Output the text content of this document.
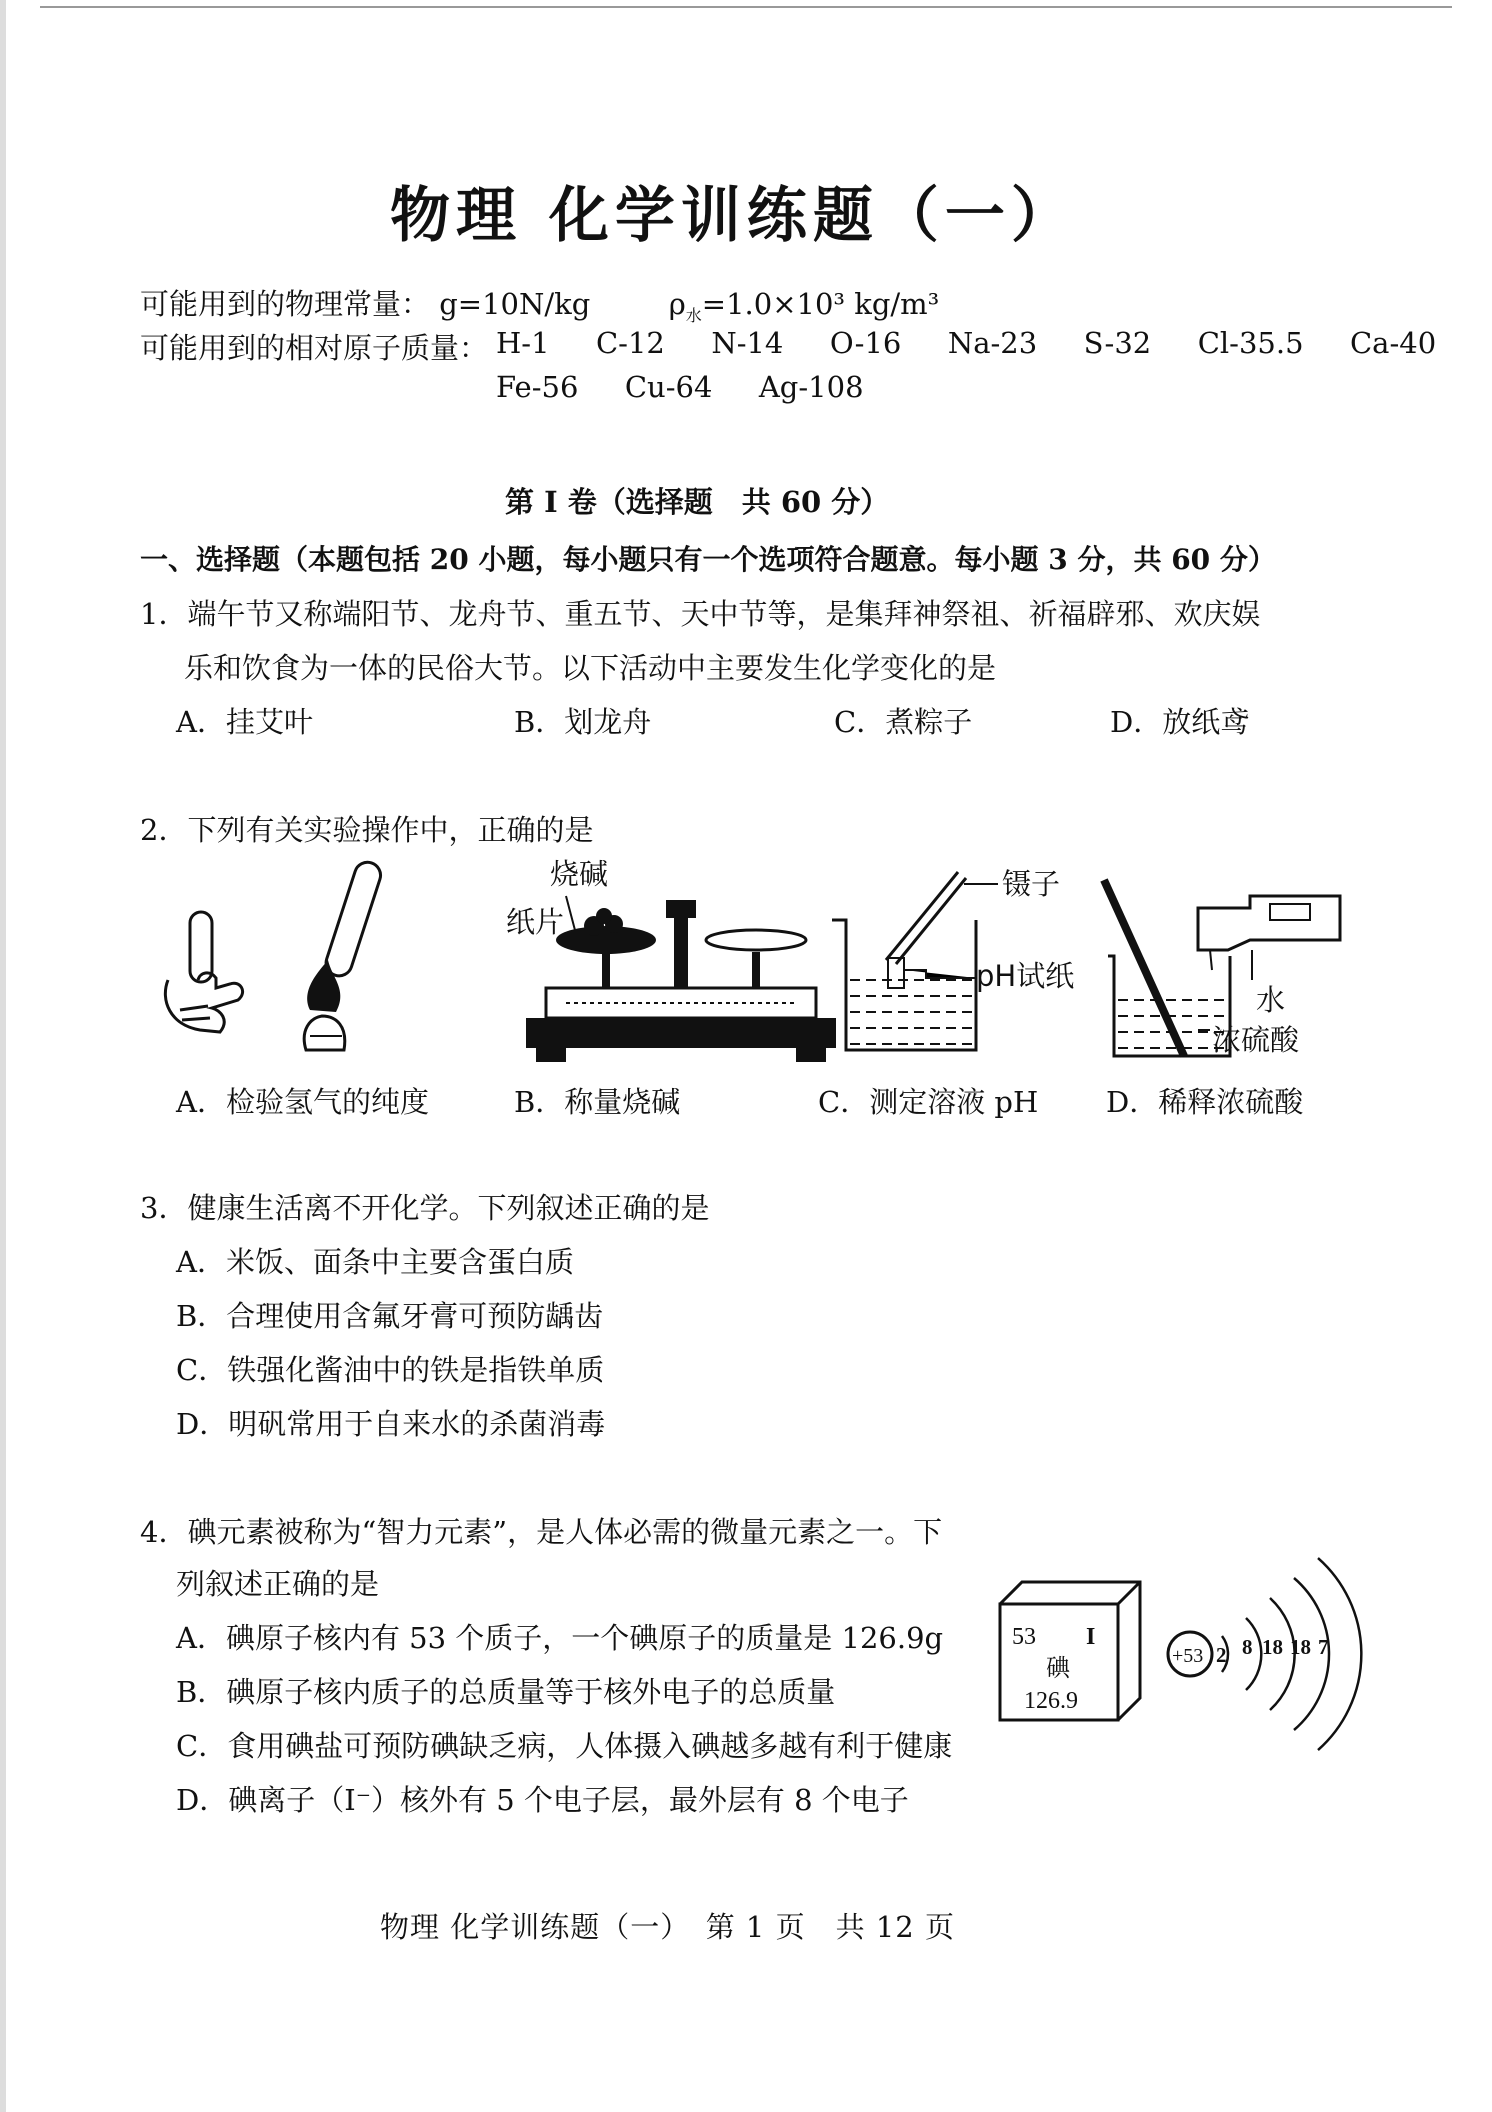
物理 化学训练题（一）
可能用到的物理常量： g=10N/kg	$\rho_水=1.0\times 10^3$ kg/m³
可能用到的相对原子质量： H-1 C-12 N-14 O-16 Na-23 S-32 Cl-35.5 Ca-40
Fe-56 Cu-64 Ag-108
第 I 卷（选择题　共 60 分）
一、选择题（本题包括 20 小题，每小题只有一个选项符合题意。每小题 3 分，共 60 分）
1．端午节又称端阳节、龙舟节、重五节、天中节等，是集拜神祭祖、祈福辟邪、欢庆娱
乐和饮食为一体的民俗大节。以下活动中主要发生化学变化的是
A．挂艾叶	B．划龙舟	C．煮粽子	D．放纸鸢
2．下列有关实验操作中，正确的是
纸片
烧碱	镊子
pH试纸
水
浓硫酸
A．检验氢气的纯度	B．称量烧碱	C．测定溶液 pH D．稀释浓硫酸
3．健康生活离不开化学。下列叙述正确的是
A．米饭、面条中主要含蛋白质
B．合理使用含氟牙膏可预防龋齿
C．铁强化酱油中的铁是指铁单质
D．明矾常用于自来水的杀菌消毒
4．碘元素被称为“智力元素”，是人体必需的微量元素之一。下
列叙述正确的是
53 I
碘
126.9
+53 2 8 18 18 7
A．碘原子核内有 53 个质子，一个碘原子的质量是 126.9g
B．碘原子核内质子的总质量等于核外电子的总质量
C．食用碘盐可预防碘缺乏病，人体摄入碘越多越有利于健康
D．碘离子（I⁻）核外有 5 个电子层，最外层有 8 个电子
物理 化学训练题（一）　第 1 页　共 12 页
